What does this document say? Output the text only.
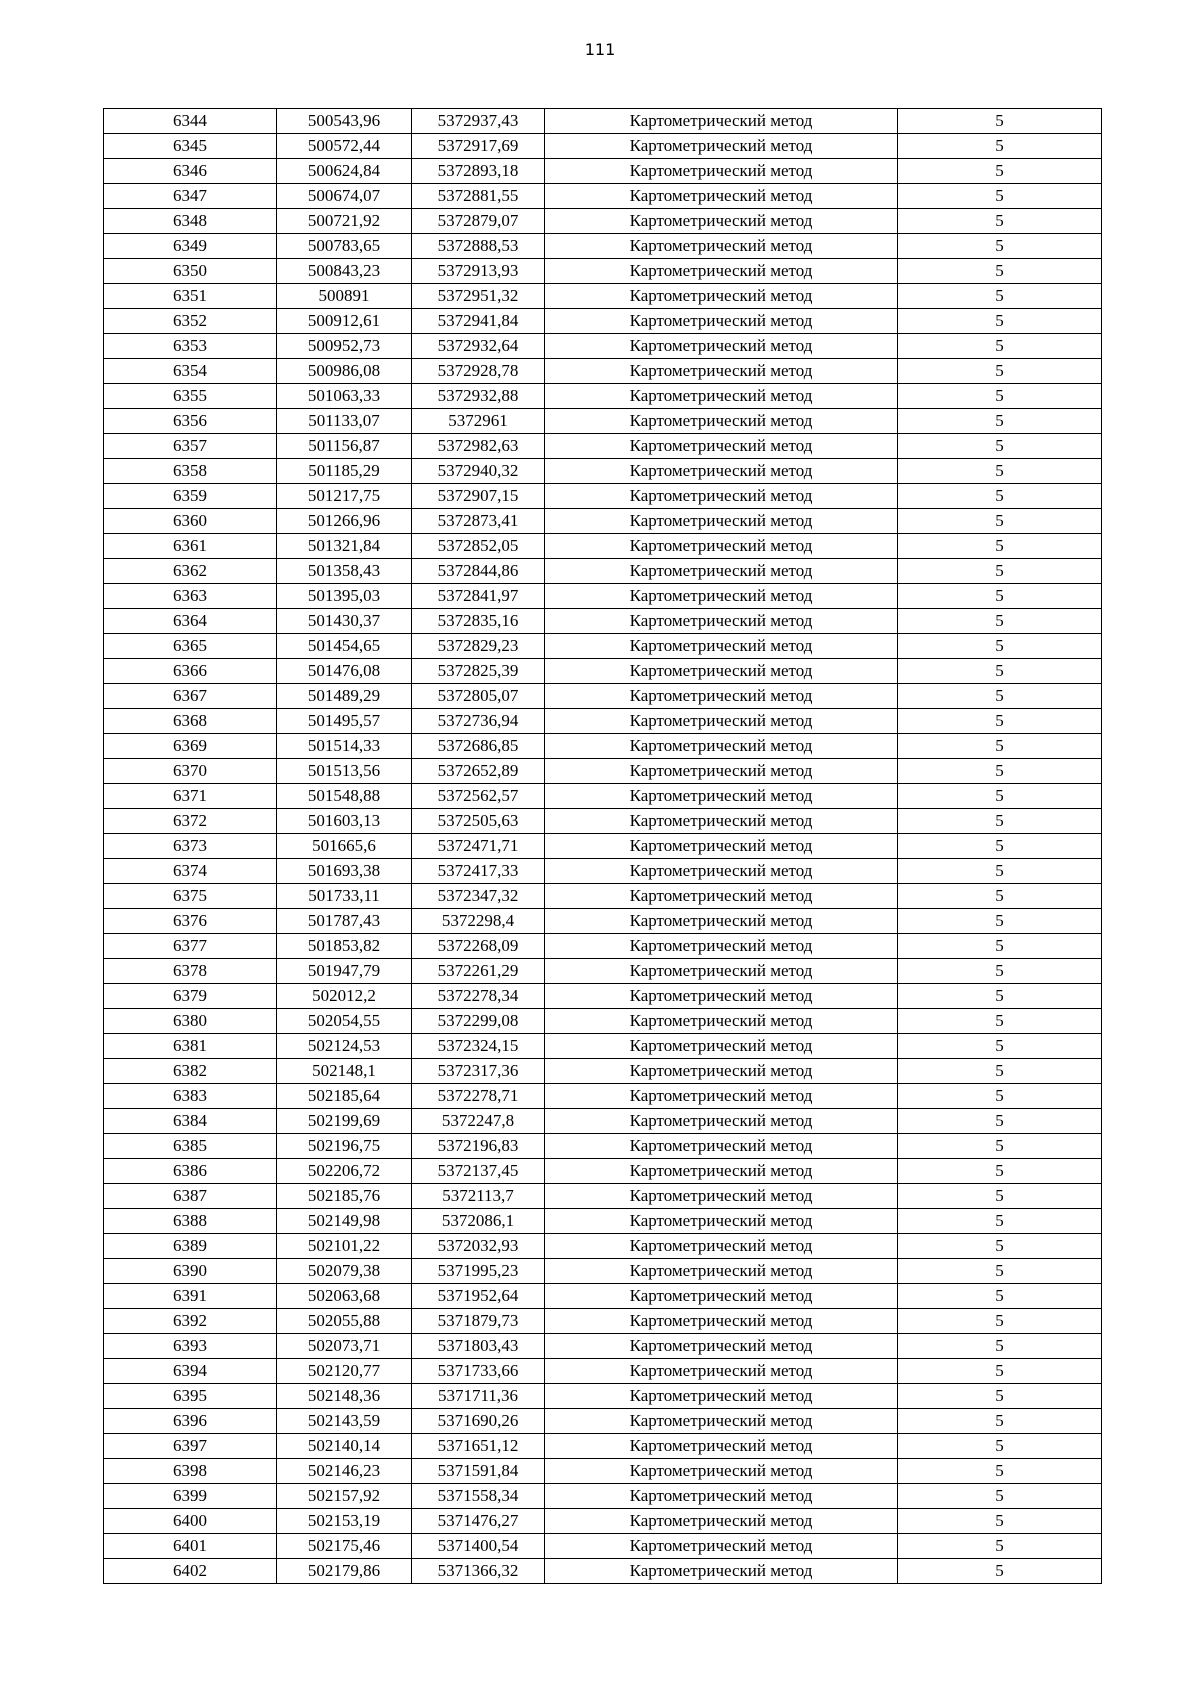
111
6344	500543,96	5372937,43	Картометрический метод	5
6345	500572,44	5372917,69	Картометрический метод	5
6346	500624,84	5372893,18	Картометрический метод	5
6347	500674,07	5372881,55	Картометрический метод	5
6348	500721,92	5372879,07	Картометрический метод	5
6349	500783,65	5372888,53	Картометрический метод	5
6350	500843,23	5372913,93	Картометрический метод	5
6351	500891	5372951,32	Картометрический метод	5
6352	500912,61	5372941,84	Картометрический метод	5
6353	500952,73	5372932,64	Картометрический метод	5
6354	500986,08	5372928,78	Картометрический метод	5
6355	501063,33	5372932,88	Картометрический метод	5
6356	501133,07	5372961	Картометрический метод	5
6357	501156,87	5372982,63	Картометрический метод	5
6358	501185,29	5372940,32	Картометрический метод	5
6359	501217,75	5372907,15	Картометрический метод	5
6360	501266,96	5372873,41	Картометрический метод	5
6361	501321,84	5372852,05	Картометрический метод	5
6362	501358,43	5372844,86	Картометрический метод	5
6363	501395,03	5372841,97	Картометрический метод	5
6364	501430,37	5372835,16	Картометрический метод	5
6365	501454,65	5372829,23	Картометрический метод	5
6366	501476,08	5372825,39	Картометрический метод	5
6367	501489,29	5372805,07	Картометрический метод	5
6368	501495,57	5372736,94	Картометрический метод	5
6369	501514,33	5372686,85	Картометрический метод	5
6370	501513,56	5372652,89	Картометрический метод	5
6371	501548,88	5372562,57	Картометрический метод	5
6372	501603,13	5372505,63	Картометрический метод	5
6373	501665,6	5372471,71	Картометрический метод	5
6374	501693,38	5372417,33	Картометрический метод	5
6375	501733,11	5372347,32	Картометрический метод	5
6376	501787,43	5372298,4	Картометрический метод	5
6377	501853,82	5372268,09	Картометрический метод	5
6378	501947,79	5372261,29	Картометрический метод	5
6379	502012,2	5372278,34	Картометрический метод	5
6380	502054,55	5372299,08	Картометрический метод	5
6381	502124,53	5372324,15	Картометрический метод	5
6382	502148,1	5372317,36	Картометрический метод	5
6383	502185,64	5372278,71	Картометрический метод	5
6384	502199,69	5372247,8	Картометрический метод	5
6385	502196,75	5372196,83	Картометрический метод	5
6386	502206,72	5372137,45	Картометрический метод	5
6387	502185,76	5372113,7	Картометрический метод	5
6388	502149,98	5372086,1	Картометрический метод	5
6389	502101,22	5372032,93	Картометрический метод	5
6390	502079,38	5371995,23	Картометрический метод	5
6391	502063,68	5371952,64	Картометрический метод	5
6392	502055,88	5371879,73	Картометрический метод	5
6393	502073,71	5371803,43	Картометрический метод	5
6394	502120,77	5371733,66	Картометрический метод	5
6395	502148,36	5371711,36	Картометрический метод	5
6396	502143,59	5371690,26	Картометрический метод	5
6397	502140,14	5371651,12	Картометрический метод	5
6398	502146,23	5371591,84	Картометрический метод	5
6399	502157,92	5371558,34	Картометрический метод	5
6400	502153,19	5371476,27	Картометрический метод	5
6401	502175,46	5371400,54	Картометрический метод	5
6402	502179,86	5371366,32	Картометрический метод	5
